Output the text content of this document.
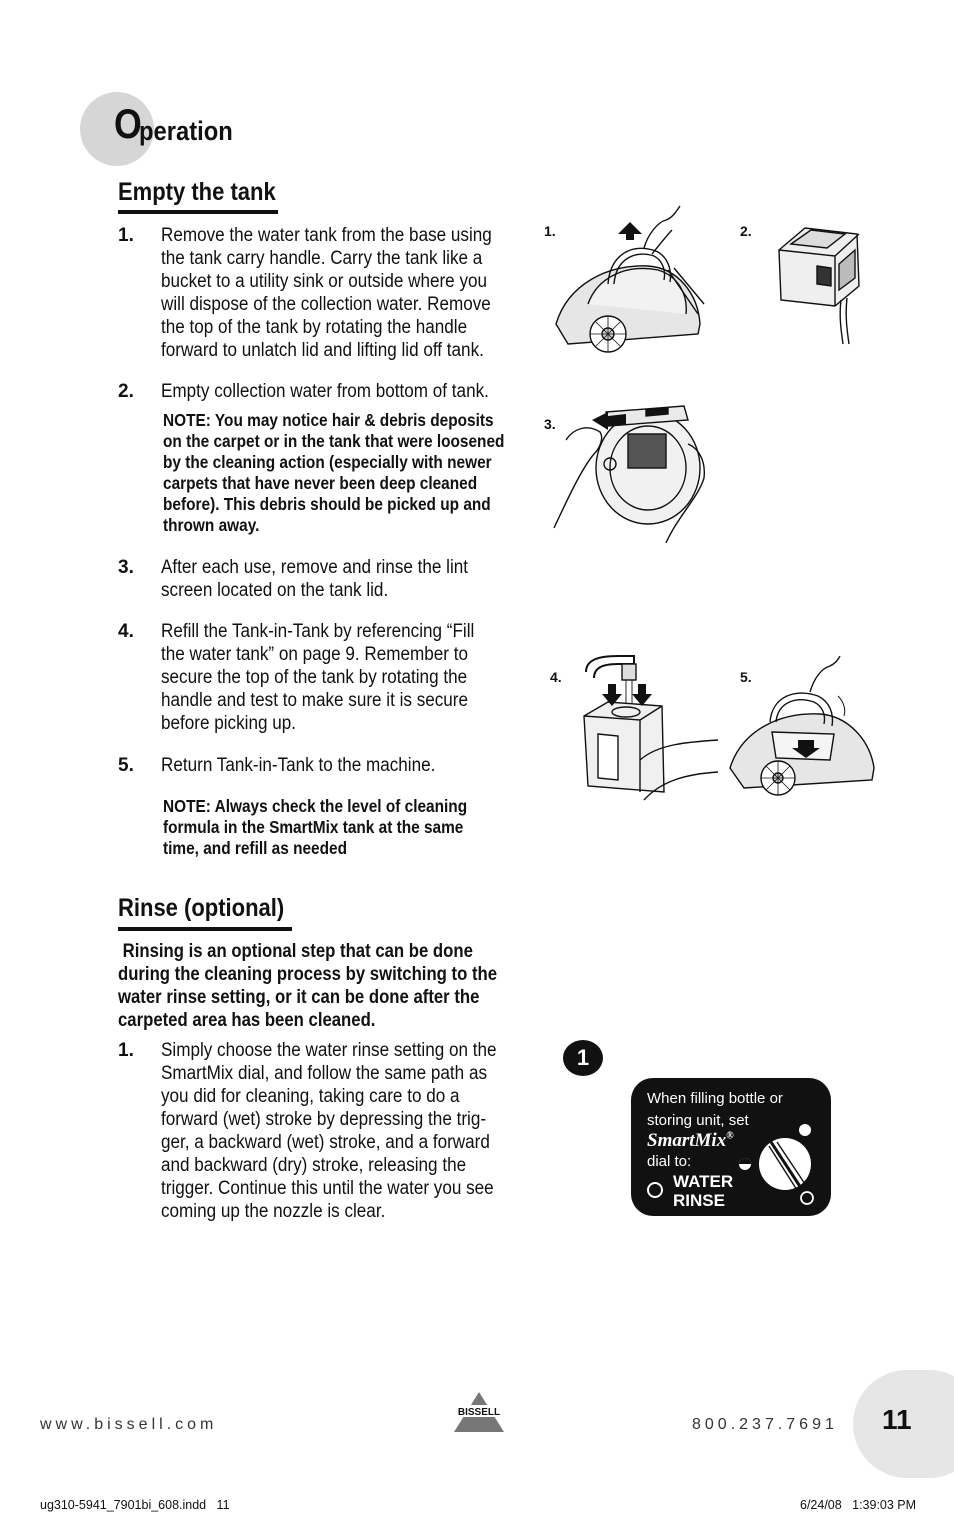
O
peration
Empty the tank
1. Remove the water tank from the base using
the tank carry handle. Carry the tank like a
bucket to a utility sink or outside where you
will dispose of the collection water. Remove
the top of the tank by rotating the handle
forward to unlatch lid and lifting lid off tank.
2. Empty collection water from bottom of tank.
NOTE: You may notice hair & debris deposits
on the carpet or in the tank that were loosened
by the cleaning action (especially with newer
carpets that have never been deep cleaned
before). This debris should be picked up and
thrown away.
3. After each use, remove and rinse the lint
screen located on the tank lid.
4. Refill the Tank-in-Tank by referencing “Fill
the water tank” on page 9. Remember to
secure the top of the tank by rotating the
handle and test to make sure it is secure
before picking up.
5. Return Tank-in-Tank to the machine.
NOTE: Always check the level of cleaning
formula in the SmartMix tank at the same
time, and refill as needed
Rinse (optional)
Rinsing is an optional step that can be done
during the cleaning process by switching to the
water rinse setting, or it can be done after the
carpeted area has been cleaned.
1. Simply choose the water rinse setting on the
SmartMix dial, and follow the same path as
you did for cleaning, taking care to do a
forward (wet) stroke by depressing the trig-
ger, a backward (wet) stroke, and a forward
and backward (dry) stroke, releasing the
trigger. Continue this until the water you see
coming up the nozzle is clear.
1.	2.
3.
4.	5.
1
When filling bottle or
storing unit, set
SmartMix®
dial to:
WATER
RINSE
www.bissell.com
BISSELL
800.237.7691 11
ug310-5941_7901bi_608.indd   11	6/24/08   1:39:03 PM
